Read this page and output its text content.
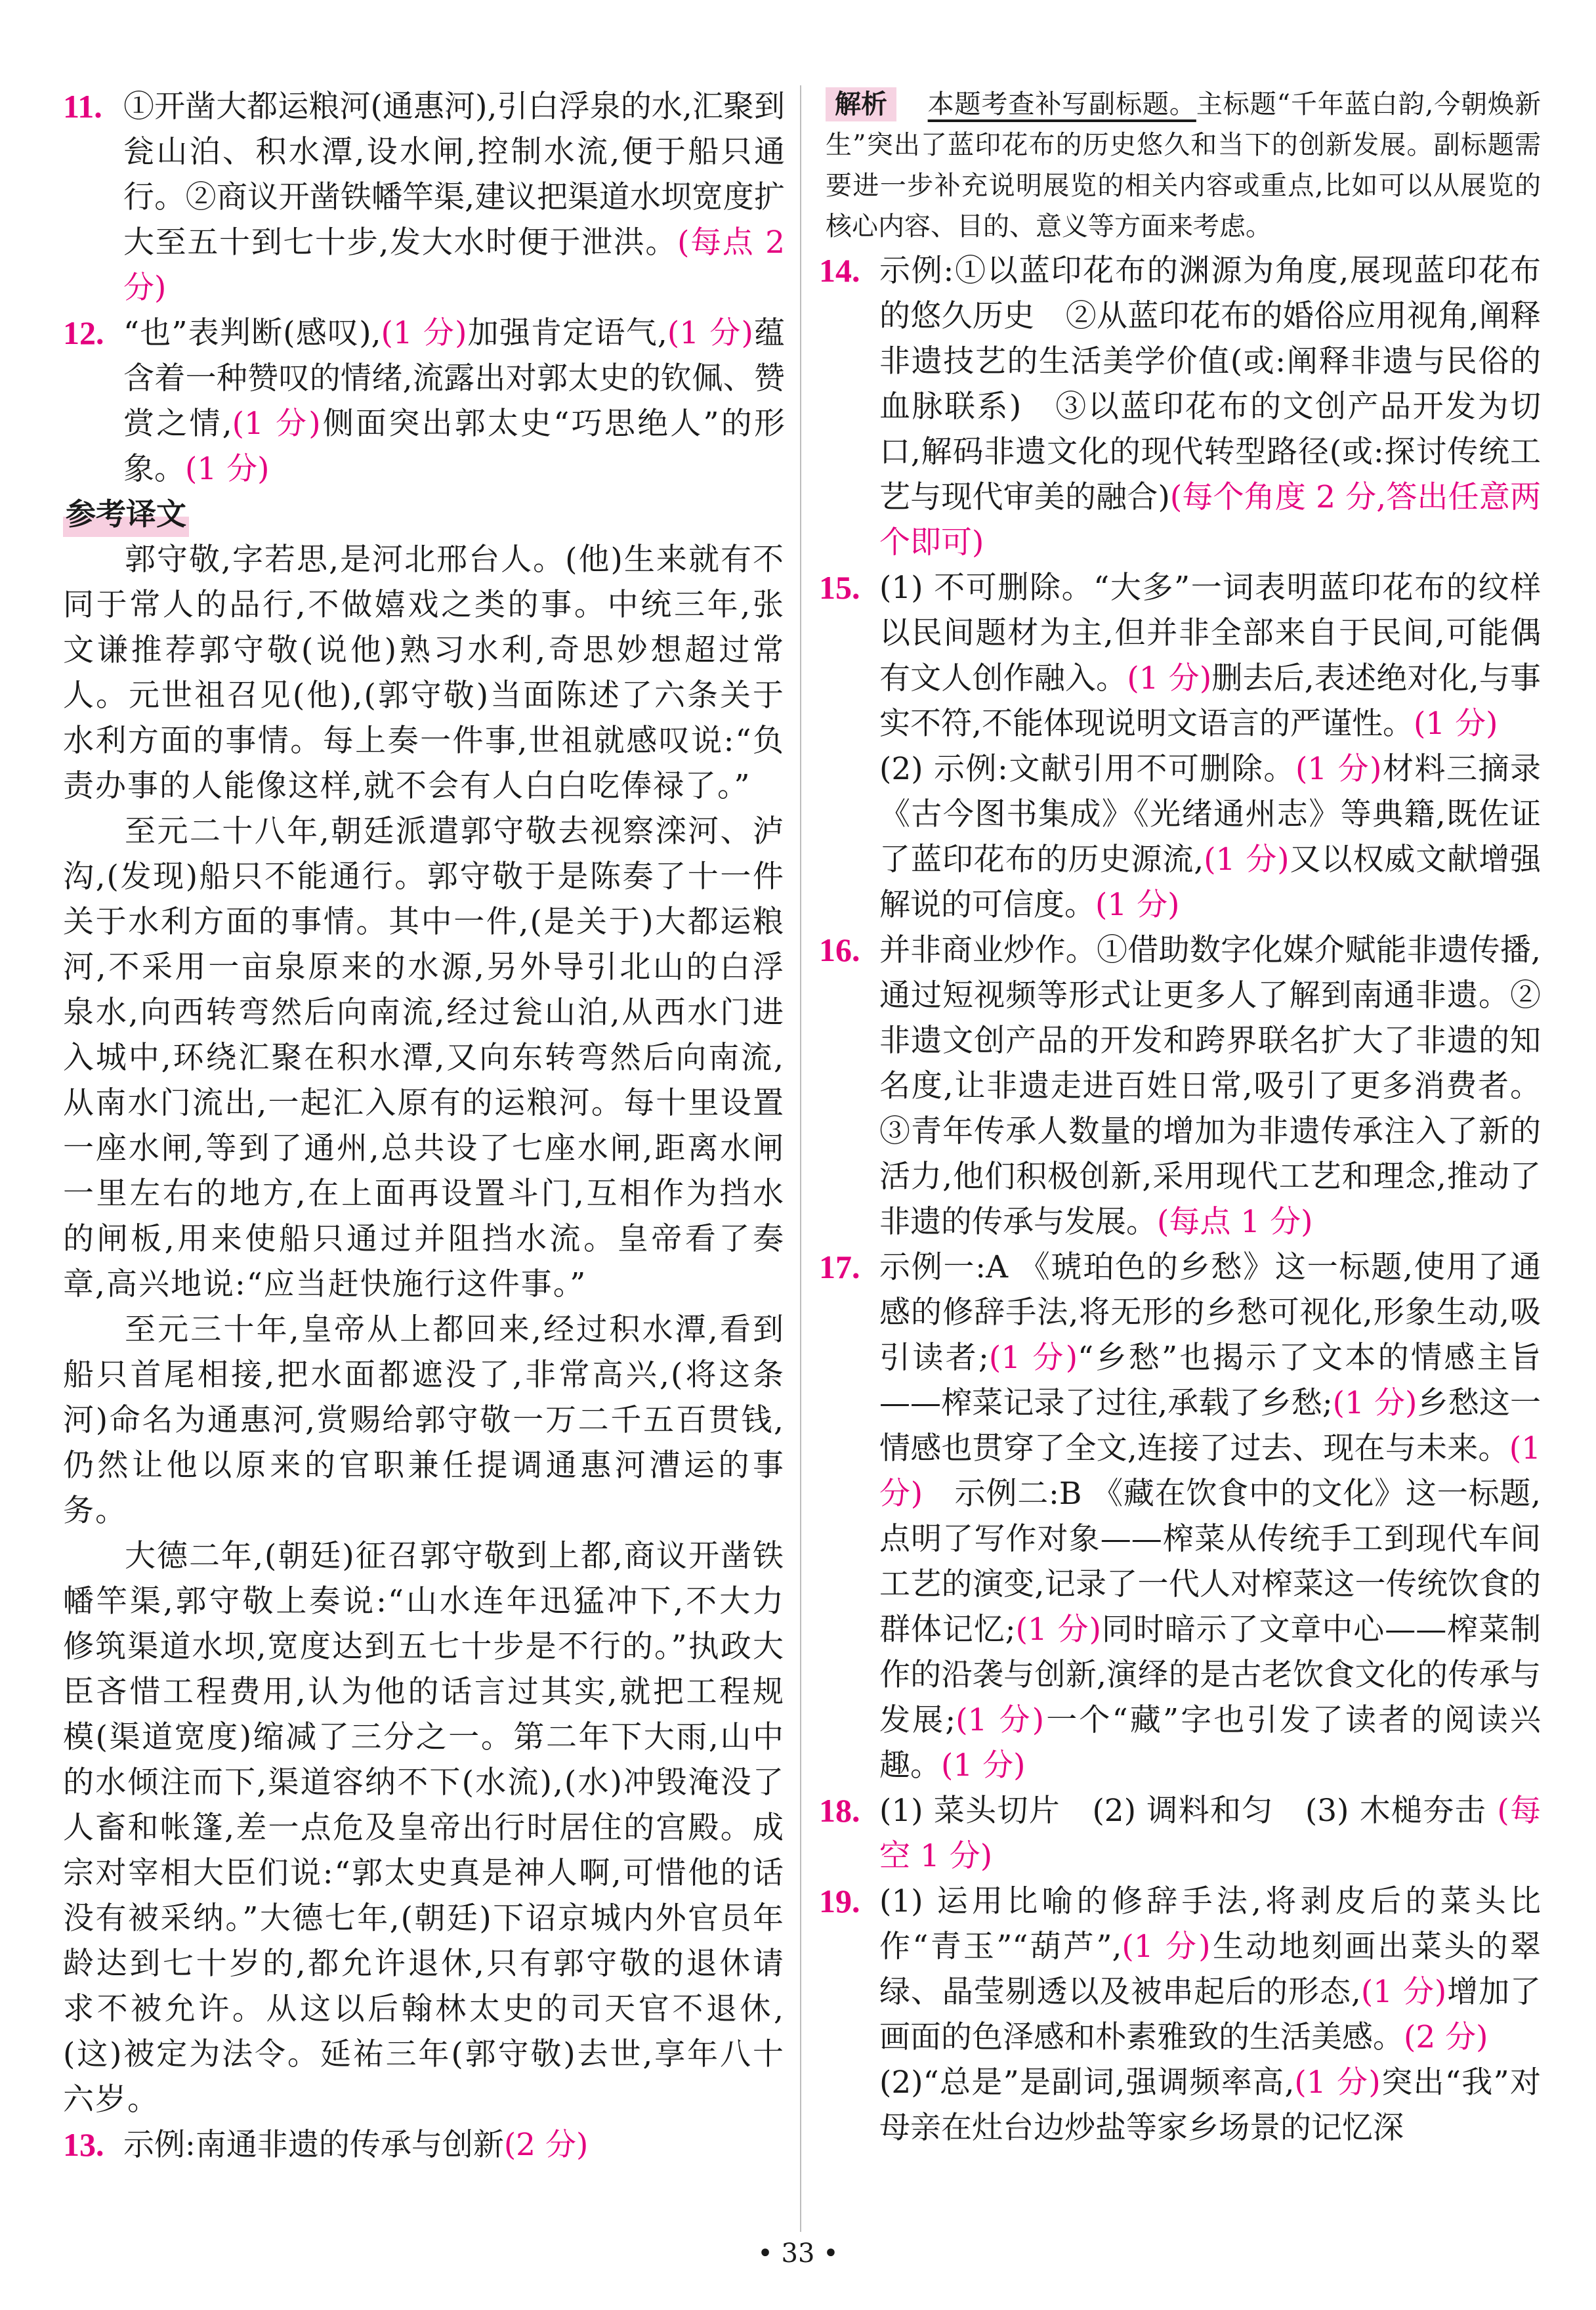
11. ①开凿大都运粮河(通惠河),引白浮泉的水,汇聚到瓮山泊、积水潭,设水闸,控制水流,便于船只通行。②商议开凿铁幡竿渠,建议把渠道水坝宽度扩大至五十到七十步,发大水时便于泄洪。(每点 2 分)
12. “也”表判断(感叹),(1 分)加强肯定语气,(1 分)蕴含着一种赞叹的情绪,流露出对郭太史的钦佩、赞赏之情,(1 分)侧面突出郭太史“巧思绝人”的形象。(1 分)
参考译文
郭守敬,字若思,是河北邢台人。(他)生来就有不同于常人的品行,不做嬉戏之类的事。中统三年,张文谦推荐郭守敬(说他)熟习水利,奇思妙想超过常人。元世祖召见(他),(郭守敬)当面陈述了六条关于水利方面的事情。每上奏一件事,世祖就感叹说:“负责办事的人能像这样,就不会有人白白吃俸禄了。”
至元二十八年,朝廷派遣郭守敬去视察滦河、泸沟,(发现)船只不能通行。郭守敬于是陈奏了十一件关于水利方面的事情。其中一件,(是关于)大都运粮河,不采用一亩泉原来的水源,另外导引北山的白浮泉水,向西转弯然后向南流,经过瓮山泊,从西水门进入城中,环绕汇聚在积水潭,又向东转弯然后向南流,从南水门流出,一起汇入原有的运粮河。每十里设置一座水闸,等到了通州,总共设了七座水闸,距离水闸一里左右的地方,在上面再设置斗门,互相作为挡水的闸板,用来使船只通过并阻挡水流。皇帝看了奏章,高兴地说:“应当赶快施行这件事。”
至元三十年,皇帝从上都回来,经过积水潭,看到船只首尾相接,把水面都遮没了,非常高兴,(将这条河)命名为通惠河,赏赐给郭守敬一万二千五百贯钱,仍然让他以原来的官职兼任提调通惠河漕运的事务。
大德二年,(朝廷)征召郭守敬到上都,商议开凿铁幡竿渠,郭守敬上奏说:“山水连年迅猛冲下,不大力修筑渠道水坝,宽度达到五七十步是不行的。”执政大臣吝惜工程费用,认为他的话言过其实,就把工程规模(渠道宽度)缩减了三分之一。第二年下大雨,山中的水倾注而下,渠道容纳不下(水流),(水)冲毁淹没了人畜和帐篷,差一点危及皇帝出行时居住的宫殿。成宗对宰相大臣们说:“郭太史真是神人啊,可惜他的话没有被采纳。”大德七年,(朝廷)下诏京城内外官员年龄达到七十岁的,都允许退休,只有郭守敬的退休请求不被允许。从这以后翰林太史的司天官不退休,(这)被定为法令。延祐三年(郭守敬)去世,享年八十六岁。
13. 示例:南通非遗的传承与创新(2 分)
解析 本题考查补写副标题。主标题“千年蓝白韵,今朝焕新生”突出了蓝印花布的历史悠久和当下的创新发展。副标题需要进一步补充说明展览的相关内容或重点,比如可以从展览的核心内容、目的、意义等方面来考虑。
14. 示例:①以蓝印花布的渊源为角度,展现蓝印花布的悠久历史　②从蓝印花布的婚俗应用视角,阐释非遗技艺的生活美学价值(或:阐释非遗与民俗的血脉联系)　③以蓝印花布的文创产品开发为切口,解码非遗文化的现代转型路径(或:探讨传统工艺与现代审美的融合)(每个角度 2 分,答出任意两个即可)
15. (1) 不可删除。“大多”一词表明蓝印花布的纹样以民间题材为主,但并非全部来自于民间,可能偶有文人创作融入。(1 分)删去后,表述绝对化,与事实不符,不能体现说明文语言的严谨性。(1 分)
(2) 示例:文献引用不可删除。(1 分)材料三摘录《古今图书集成》《光绪通州志》等典籍,既佐证了蓝印花布的历史源流,(1 分)又以权威文献增强解说的可信度。(1 分)
16. 并非商业炒作。①借助数字化媒介赋能非遗传播,通过短视频等形式让更多人了解到南通非遗。②非遗文创产品的开发和跨界联名扩大了非遗的知名度,让非遗走进百姓日常,吸引了更多消费者。③青年传承人数量的增加为非遗传承注入了新的活力,他们积极创新,采用现代工艺和理念,推动了非遗的传承与发展。(每点 1 分)
17. 示例一:A 《琥珀色的乡愁》这一标题,使用了通感的修辞手法,将无形的乡愁可视化,形象生动,吸引读者;(1 分)“乡愁”也揭示了文本的情感主旨——榨菜记录了过往,承载了乡愁;(1 分)乡愁这一情感也贯穿了全文,连接了过去、现在与未来。(1 分)　示例二:B 《藏在饮食中的文化》这一标题,点明了写作对象——榨菜从传统手工到现代车间工艺的演变,记录了一代人对榨菜这一传统饮食的群体记忆;(1 分)同时暗示了文章中心——榨菜制作的沿袭与创新,演绎的是古老饮食文化的传承与发展;(1 分)一个“藏”字也引发了读者的阅读兴趣。(1 分)
18. (1) 菜头切片　(2) 调料和匀　(3) 木槌夯击 (每空 1 分)
19. (1) 运用比喻的修辞手法,将剥皮后的菜头比作“青玉”“葫芦”,(1 分)生动地刻画出菜头的翠绿、晶莹剔透以及被串起后的形态,(1 分)增加了画面的色泽感和朴素雅致的生活美感。(2 分)
(2)“总是”是副词,强调频率高,(1 分)突出“我”对母亲在灶台边炒盐等家乡场景的记忆深
• 33 •
